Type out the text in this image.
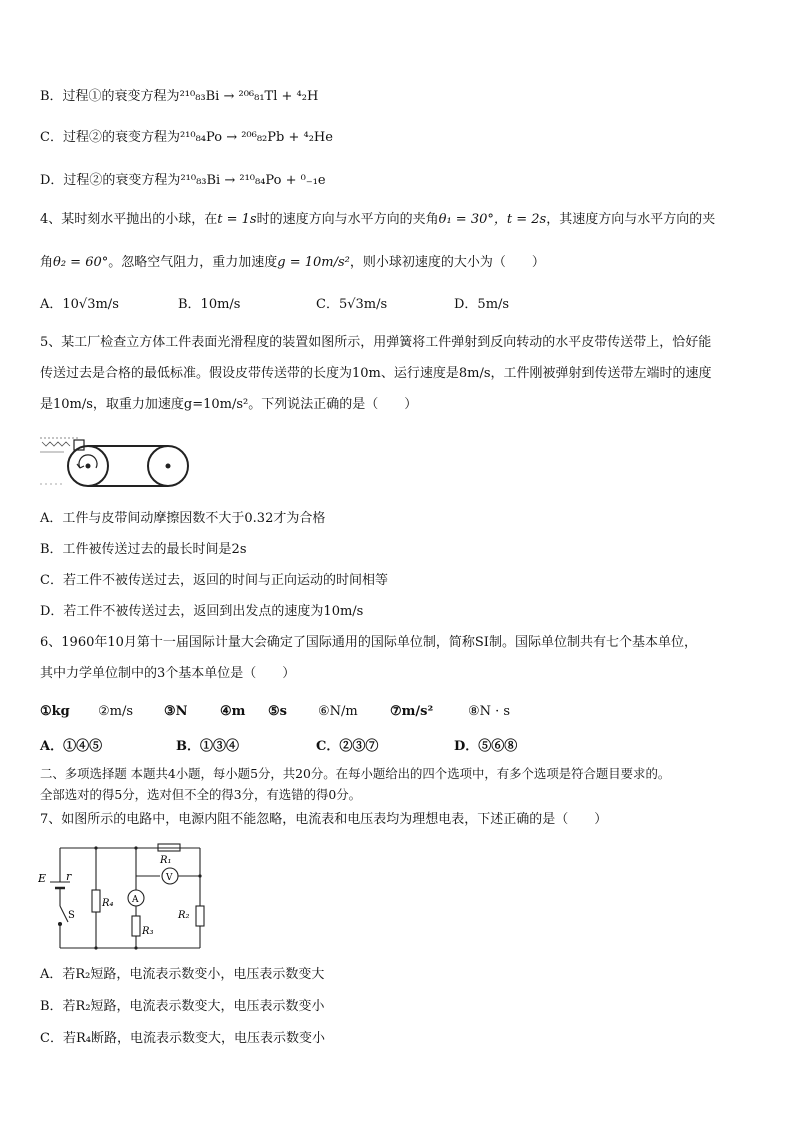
B．过程①的衰变方程为²¹⁰₈₃Bi → ²⁰⁶₈₁Tl + ⁴₂H
C．过程②的衰变方程为²¹⁰₈₄Po → ²⁰⁶₈₂Pb + ⁴₂He
D．过程②的衰变方程为²¹⁰₈₃Bi → ²¹⁰₈₄Po + ⁰₋₁e
4、某时刻水平抛出的小球，在t = 1s时的速度方向与水平方向的夹角θ₁ = 30°，t = 2s，其速度方向与水平方向的夹
角θ₂ = 60°。忽略空气阻力，重力加速度g = 10m/s²，则小球初速度的大小为（　　）
A．10√3m/s	B．10m/s	C．5√3m/s	D．5m/s
5、某工厂检查立方体工件表面光滑程度的装置如图所示，用弹簧将工件弹射到反向转动的水平皮带传送带上，恰好能
传送过去是合格的最低标准。假设皮带传送带的长度为10m、运行速度是8m/s，工件刚被弹射到传送带左端时的速度
是10m/s，取重力加速度g=10m/s²。下列说法正确的是（　　）
A．工件与皮带间动摩擦因数不大于0.32才为合格
B．工件被传送过去的最长时间是2s
C．若工件不被传送过去，返回的时间与正向运动的时间相等
D．若工件不被传送过去，返回到出发点的速度为10m/s
6、1960年10月第十一届国际计量大会确定了国际通用的国际单位制，简称SI制。国际单位制共有七个基本单位，
其中力学单位制中的3个基本单位是（　　）
①kg ②m/s ③N ④m ⑤s ⑥N/m ⑦m/s²	⑧N · s
A．①④⑤	B．①③④	C．②③⑦	D．⑤⑥⑧
二、多项选择题 本题共4小题，每小题5分，共20分。在每小题给出的四个选项中，有多个选项是符合题目要求的。
全部选对的得5分，选对但不全的得3分，有选错的得0分。
7、如图所示的电路中，电源内阻不能忽略，电流表和电压表均为理想电表，下述正确的是（　　）
E r
S
R₄
R₁
V
A
R₃
R₂
A．若R₂短路，电流表示数变小，电压表示数变大
B．若R₂短路，电流表示数变大，电压表示数变小
C．若R₄断路，电流表示数变大，电压表示数变小
